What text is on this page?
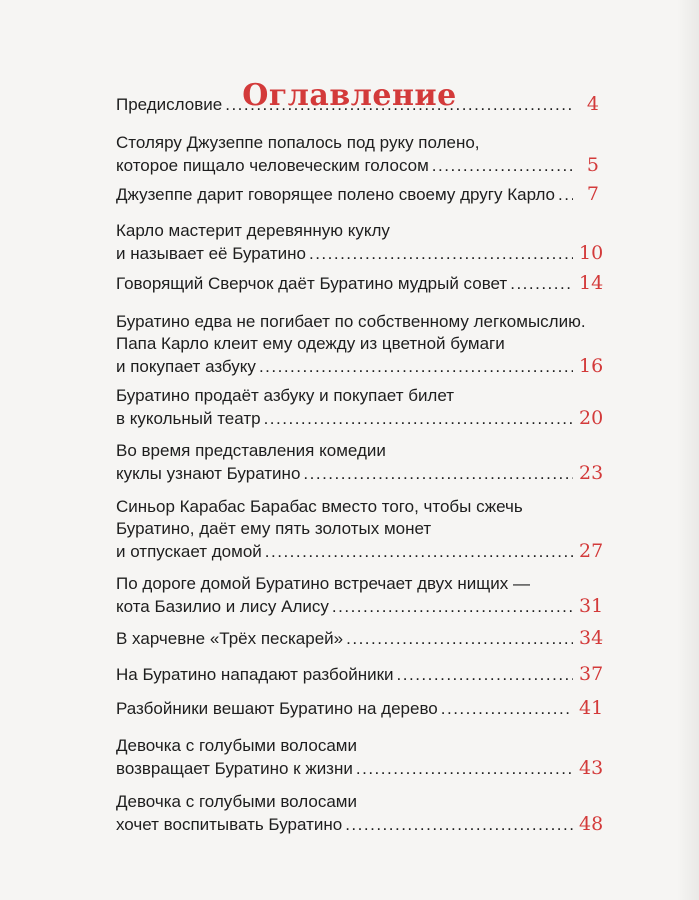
Оглавление
Предисловие .....	4
Столяру Джузеппе попалось под руку полено,
которое пищало человеческим голосом .....	5
Джузеппе дарит говорящее полено своему другу Карло .....	7
Карло мастерит деревянную куклу
и называет её Буратино .....	10
Говорящий Сверчок даёт Буратино мудрый совет .....	14
Буратино едва не погибает по собственному легкомыслию.
Папа Карло клеит ему одежду из цветной бумаги
и покупает азбуку .....	16
Буратино продаёт азбуку и покупает билет
в кукольный театр .....	20
Во время представления комедии
куклы узнают Буратино .....	23
Синьор Карабас Барабас вместо того, чтобы сжечь
Буратино, даёт ему пять золотых монет
и отпускает домой .....	27
По дороге домой Буратино встречает двух нищих —
кота Базилио и лису Алису .....	31
В харчевне «Трёх пескарей» .....	34
На Буратино нападают разбойники .....	37
Разбойники вешают Буратино на дерево .....	41
Девочка с голубыми волосами
возвращает Буратино к жизни .....	43
Девочка с голубыми волосами
хочет воспитывать Буратино .....	48
